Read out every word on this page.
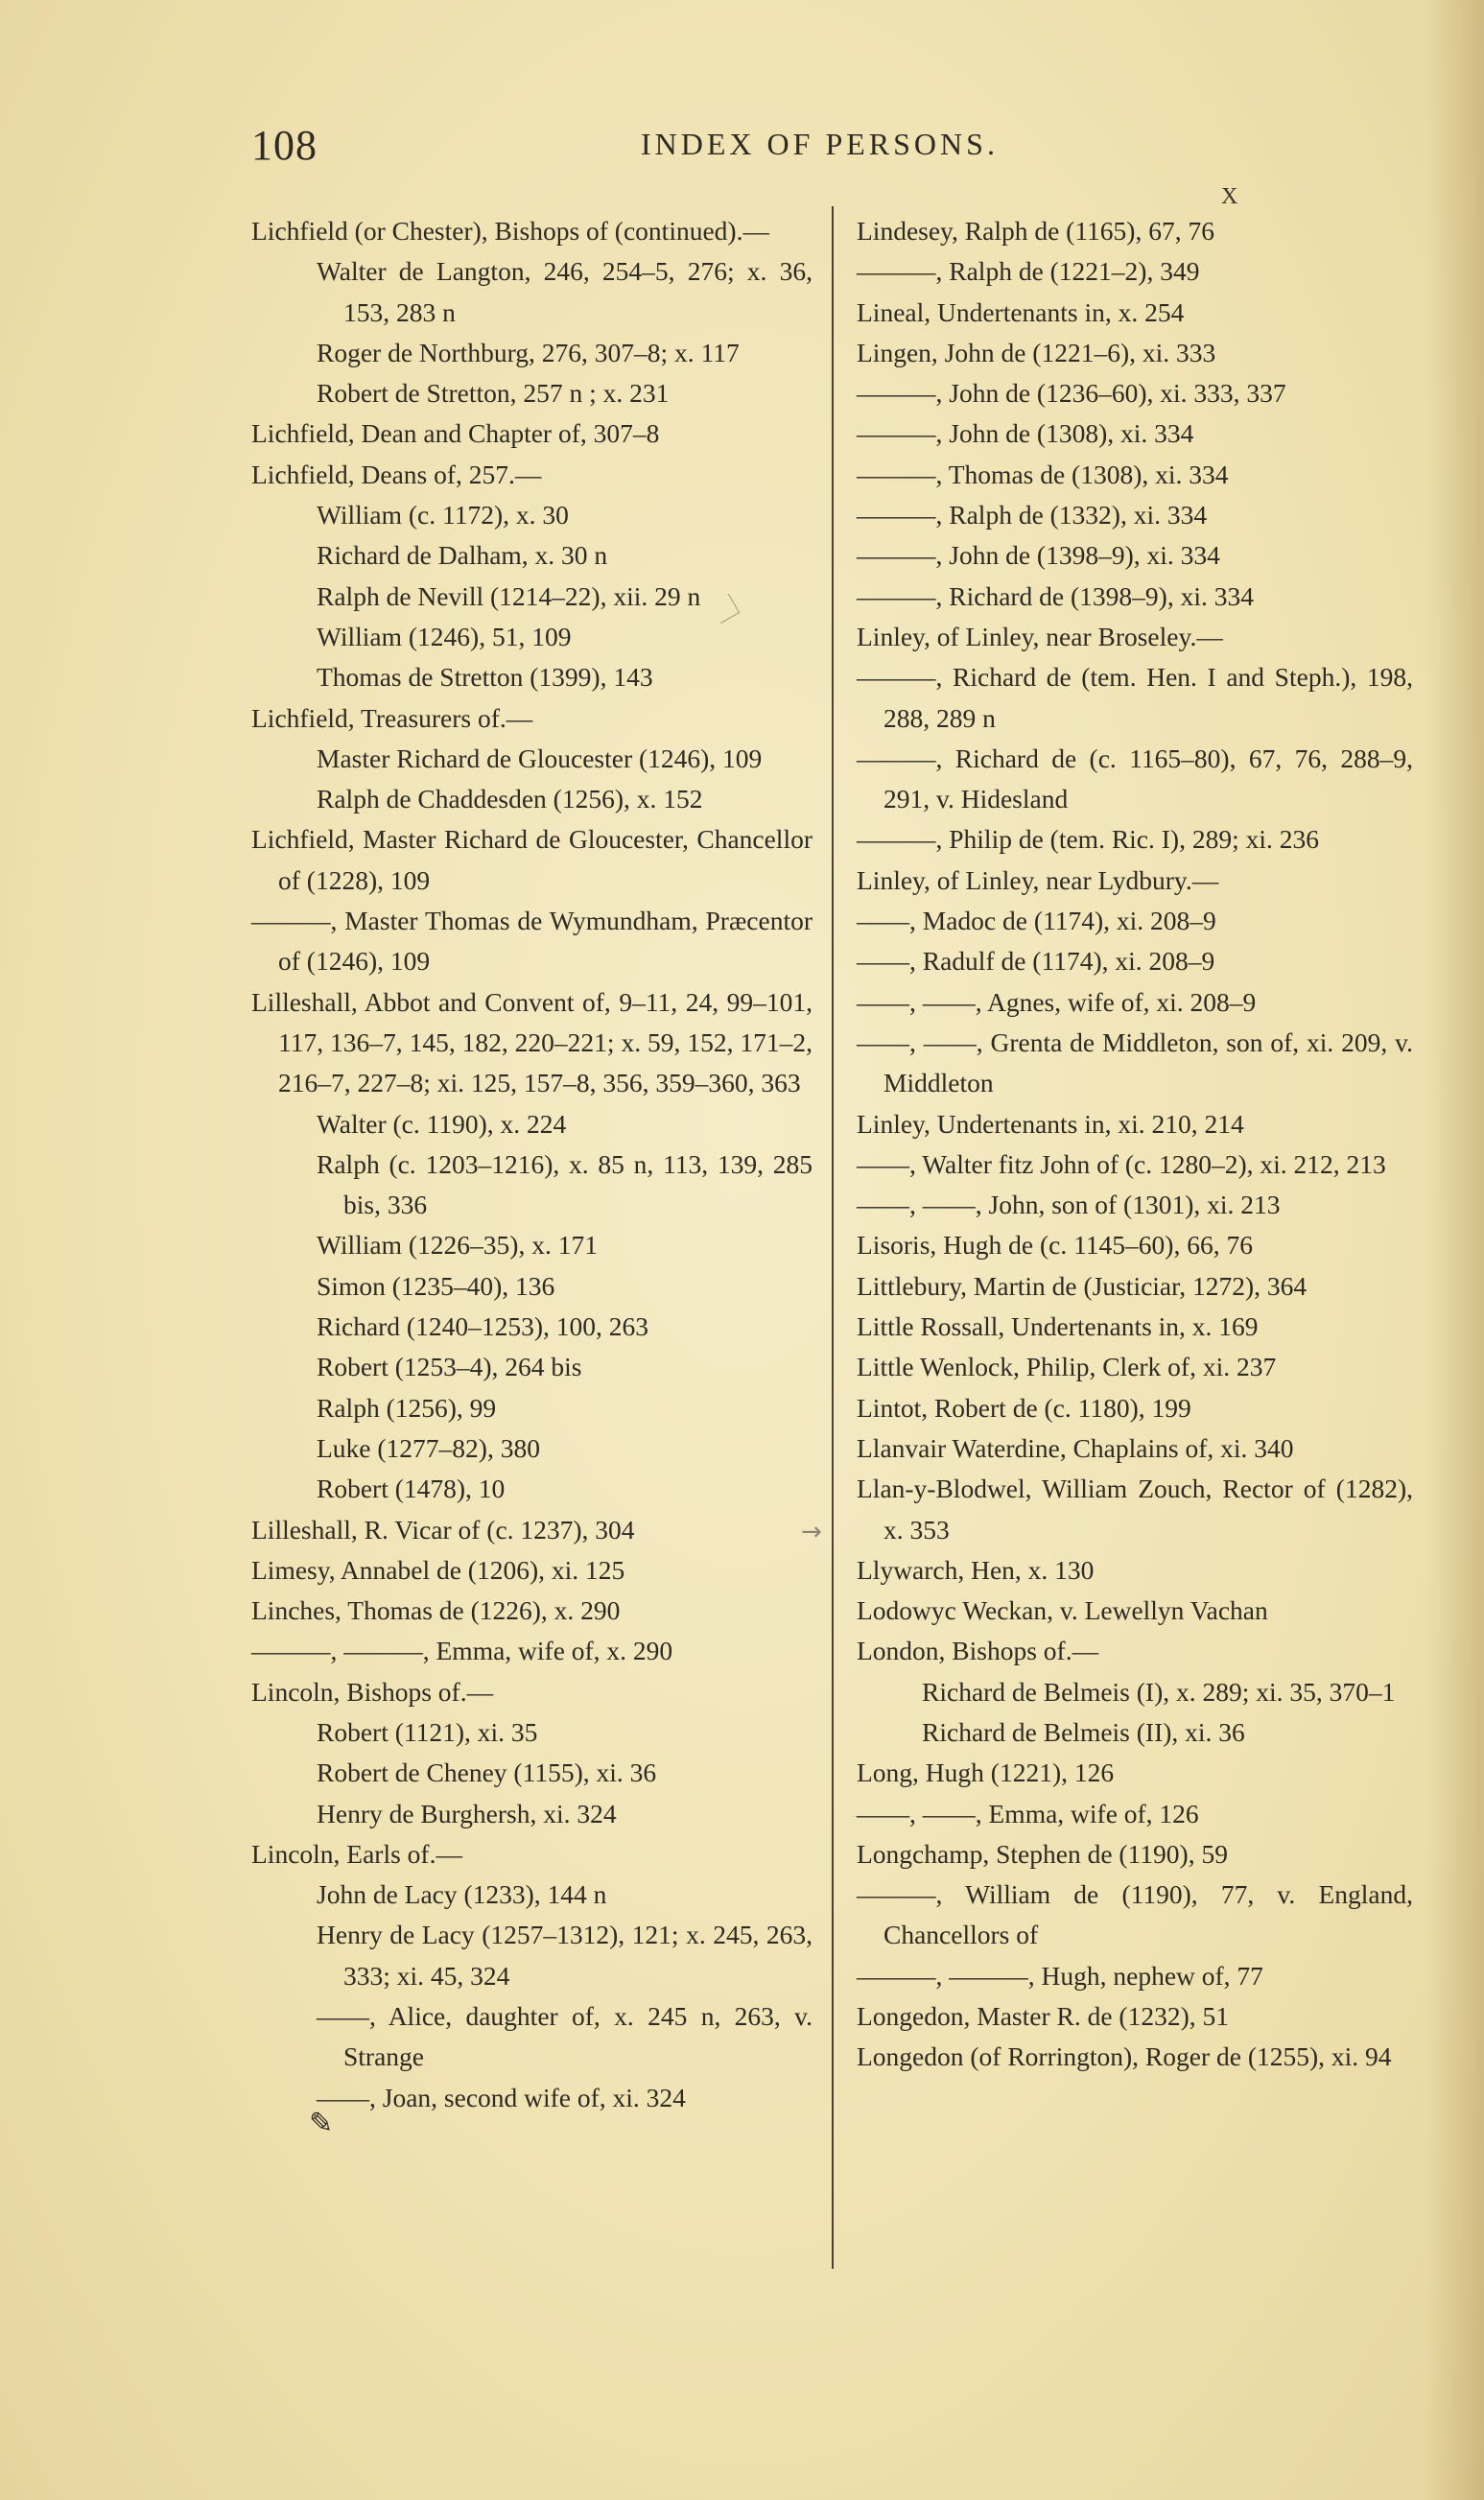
108	INDEX OF PERSONS.
Lichfield (or Chester), Bishops of (continued).—
Walter de Langton, 246, 254–5, 276; x. 36, 153, 283 n
Roger de Northburg, 276, 307–8; x. 117
Robert de Stretton, 257 n ; x. 231
Lichfield, Dean and Chapter of, 307–8
Lichfield, Deans of, 257.—
William (c. 1172), x. 30
Richard de Dalham, x. 30 n
Ralph de Nevill (1214–22), xii. 29 n
William (1246), 51, 109
Thomas de Stretton (1399), 143
Lichfield, Treasurers of.—
Master Richard de Gloucester (1246), 109
Ralph de Chaddesden (1256), x. 152
Lichfield, Master Richard de Gloucester, Chancellor of (1228), 109
———, Master Thomas de Wymundham, Præcentor of (1246), 109
Lilleshall, Abbot and Convent of, 9–11, 24, 99–101, 117, 136–7, 145, 182, 220–221; x. 59, 152, 171–2, 216–7, 227–8; xi. 125, 157–8, 356, 359–360, 363
Walter (c. 1190), x. 224
Ralph (c. 1203–1216), x. 85 n, 113, 139, 285 bis, 336
William (1226–35), x. 171
Simon (1235–40), 136
Richard (1240–1253), 100, 263
Robert (1253–4), 264 bis
Ralph (1256), 99
Luke (1277–82), 380
Robert (1478), 10
Lilleshall, R. Vicar of (c. 1237), 304
Limesy, Annabel de (1206), xi. 125
Linches, Thomas de (1226), x. 290
———, ———, Emma, wife of, x. 290
Lincoln, Bishops of.—
Robert (1121), xi. 35
Robert de Cheney (1155), xi. 36
Henry de Burghersh, xi. 324
Lincoln, Earls of.—
John de Lacy (1233), 144 n
Henry de Lacy (1257–1312), 121; x. 245, 263, 333; xi. 45, 324
——, Alice, daughter of, x. 245 n, 263, v. Strange
——, Joan, second wife of, xi. 324
Lindesey, Ralph de (1165), 67, 76
———, Ralph de (1221–2), 349
Lineal, Undertenants in, x. 254
Lingen, John de (1221–6), xi. 333
———, John de (1236–60), xi. 333, 337
———, John de (1308), xi. 334
———, Thomas de (1308), xi. 334
———, Ralph de (1332), xi. 334
———, John de (1398–9), xi. 334
———, Richard de (1398–9), xi. 334
Linley, of Linley, near Broseley.—
———, Richard de (tem. Hen. I and Steph.), 198, 288, 289 n
———, Richard de (c. 1165–80), 67, 76, 288–9, 291, v. Hidesland
———, Philip de (tem. Ric. I), 289; xi. 236
Linley, of Linley, near Lydbury.—
——, Madoc de (1174), xi. 208–9
——, Radulf de (1174), xi. 208–9
——, ——, Agnes, wife of, xi. 208–9
——, ——, Grenta de Middleton, son of, xi. 209, v. Middleton
Linley, Undertenants in, xi. 210, 214
——, Walter fitz John of (c. 1280–2), xi. 212, 213
——, ——, John, son of (1301), xi. 213
Lisoris, Hugh de (c. 1145–60), 66, 76
Littlebury, Martin de (Justiciar, 1272), 364
Little Rossall, Undertenants in, x. 169
Little Wenlock, Philip, Clerk of, xi. 237
Lintot, Robert de (c. 1180), 199
Llanvair Waterdine, Chaplains of, xi. 340
Llan-y-Blodwel, William Zouch, Rector of (1282), x. 353
Llywarch, Hen, x. 130
Lodowyc Weckan, v. Lewellyn Vachan
London, Bishops of.—
Richard de Belmeis (I), x. 289; xi. 35, 370–1
Richard de Belmeis (II), xi. 36
Long, Hugh (1221), 126
——, ——, Emma, wife of, 126
Longchamp, Stephen de (1190), 59
———, William de (1190), 77, v. England, Chancellors of
———, ———, Hugh, nephew of, 77
Longedon, Master R. de (1232), 51
Longedon (of Rorrington), Roger de (1255), xi. 94
X
→
✎
